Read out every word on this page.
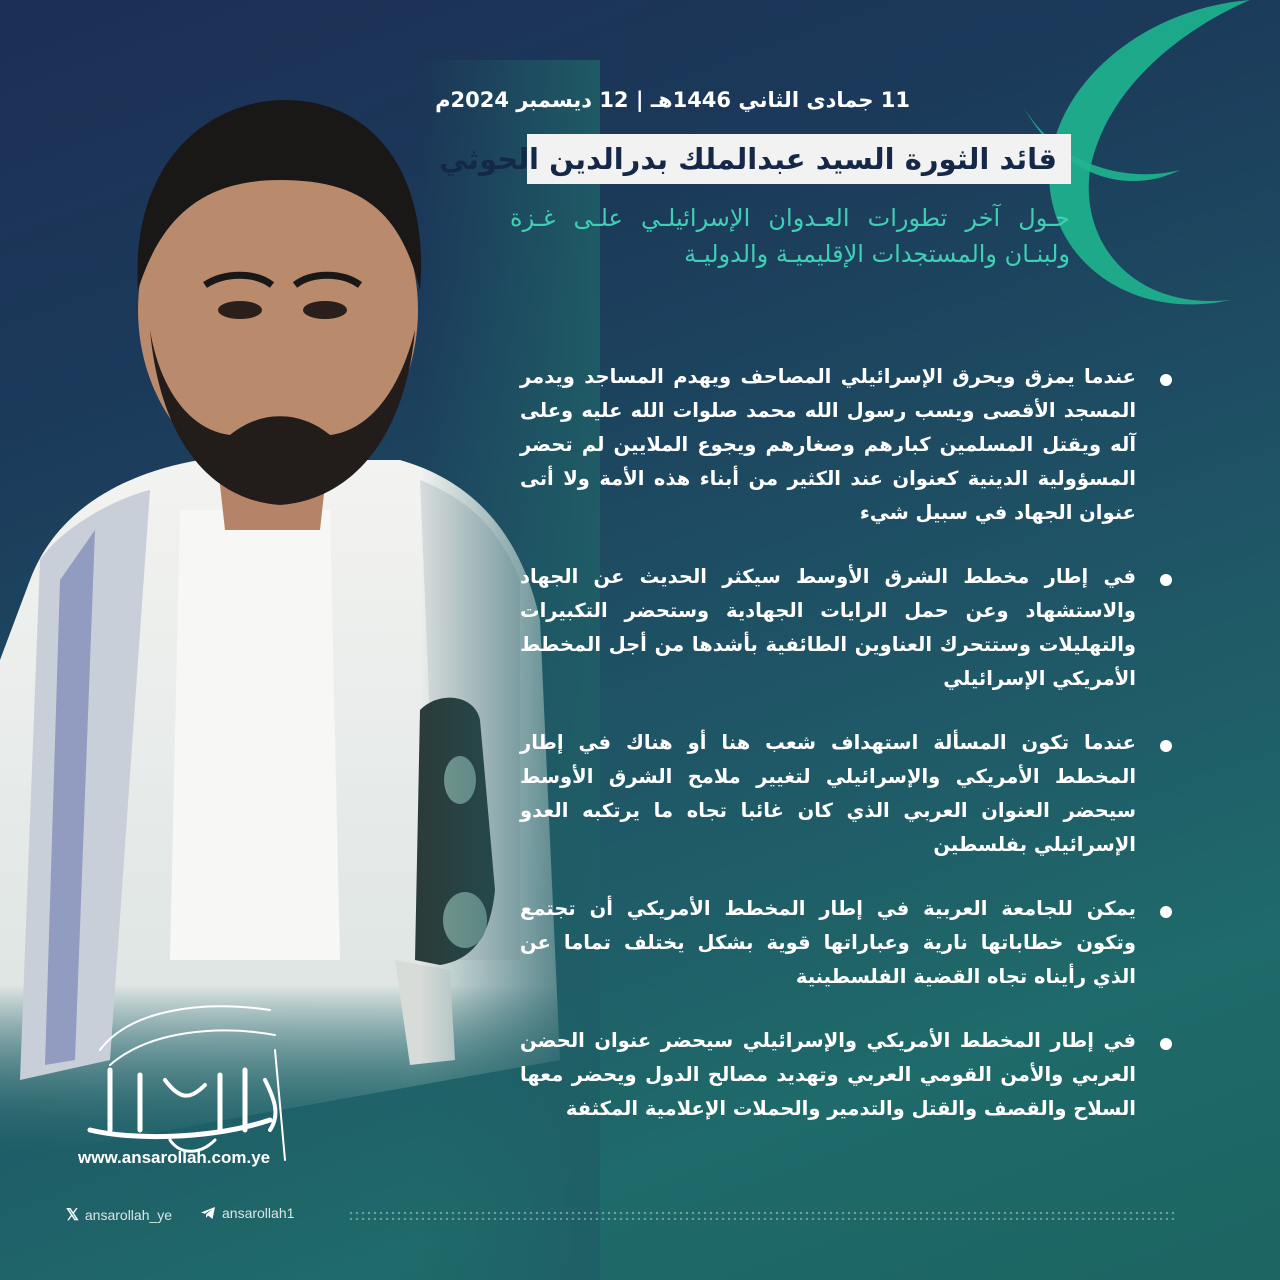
11 جمادى الثاني 1446هـ | 12 ديسمبر 2024م
قائد الثورة السيد عبدالملك بدرالدين الحوثي
حـول آخر تطورات العـدوان الإسرائيلـي علـى غـزة ولبنـان والمستجدات الإقليميـة والدوليـة
عندما يمزق ويحرق الإسرائيلي المصاحف ويهدم المساجد ويدمر المسجد الأقصى ويسب رسول الله محمد صلوات الله عليه وعلى آله ويقتل المسلمين كبارهم وصغارهم ويجوع الملايين لم تحضر المسؤولية الدينية كعنوان عند الكثير من أبناء هذه الأمة ولا أتى عنوان الجهاد في سبيل شيء
في إطار مخطط الشرق الأوسط سيكثر الحديث عن الجهاد والاستشهاد وعن حمل الرايات الجهادية وستحضر التكبيرات والتهليلات وستتحرك العناوين الطائفية بأشدها من أجل المخطط الأمريكي الإسرائيلي
عندما تكون المسألة استهداف شعب هنا أو هناك في إطار المخطط الأمريكي والإسرائيلي لتغيير ملامح الشرق الأوسط سيحضر العنوان العربي الذي كان غائبا تجاه ما يرتكبه العدو الإسرائيلي بفلسطين
يمكن للجامعة العربية في إطار المخطط الأمريكي أن تجتمع وتكون خطاباتها نارية وعباراتها قوية بشكل يختلف تماما عن الذي رأيناه تجاه القضية الفلسطينية
في إطار المخطط الأمريكي والإسرائيلي سيحضر عنوان الحضن العربي والأمن القومي العربي وتهديد مصالح الدول ويحضر معها السلاح والقصف والقتل والتدمير والحملات الإعلامية المكثفة
www.ansarollah.com.ye
𝕏 ansarollah_ye	ansarollah1
